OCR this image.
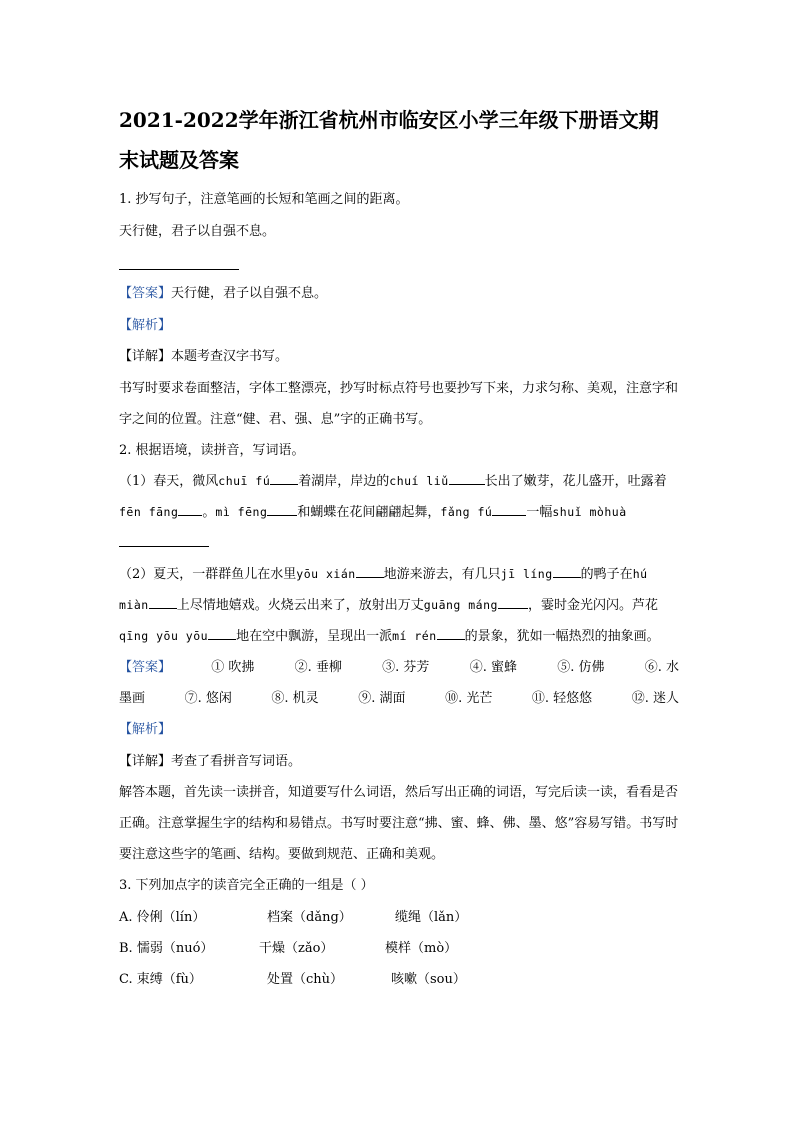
2021-2022学年浙江省杭州市临安区小学三年级下册语文期
末试题及答案
1. 抄写句子，注意笔画的长短和笔画之间的距离。
天行健，君子以自强不息。
【答案】天行健，君子以自强不息。
【解析】
【详解】本题考查汉字书写。
书写时要求卷面整洁，字体工整漂亮，抄写时标点符号也要抄写下来，力求匀称、美观，注意字和字之间的位置。注意“健、君、强、息”字的正确书写。
2. 根据语境，读拼音，写词语。
（1）春天，微风chuī fú 着湖岸，岸边的chuí liǔ	长出了嫩芽，花儿盛开，吐露着fēn fāng 。mì fēng 和蝴蝶在花间翩翩起舞，fǎng fú	一幅shuǐ mòhuà
（2）夏天，一群群鱼儿在水里yōu xián 地游来游去，有几只jī líng 的鸭子在hú miàn 上尽情地嬉戏。火烧云出来了，放射出万丈guāng máng ，霎时金光闪闪。芦花qīng yōu yōu 地在空中飘游，呈现出一派mí rén 的景象，犹如一幅热烈的抽象画。
【答案】	① 吹拂	②. 垂柳	③. 芬芳	④. 蜜蜂	⑤. 仿佛	⑥. 水
墨画	⑦. 悠闲	⑧. 机灵	⑨. 湖面	⑩. 光芒	⑪. 轻悠悠	⑫. 迷人
【解析】
【详解】考查了看拼音写词语。
解答本题，首先读一读拼音，知道要写什么词语，然后写出正确的词语，写完后读一读，看看是否正确。注意掌握生字的结构和易错点。书写时要注意“拂、蜜、蜂、佛、墨、悠”容易写错。书写时要注意这些字的笔画、结构。要做到规范、正确和美观。
3. 下列加点字的读音完全正确的一组是（ ）
A. 伶俐（lín）	档案（dǎng）	缆绳（lǎn）
B. 懦弱（nuó）	干燥（zǎo）	模样（mò）
C. 束缚（fù）	处置（chù）	咳嗽（sou）
